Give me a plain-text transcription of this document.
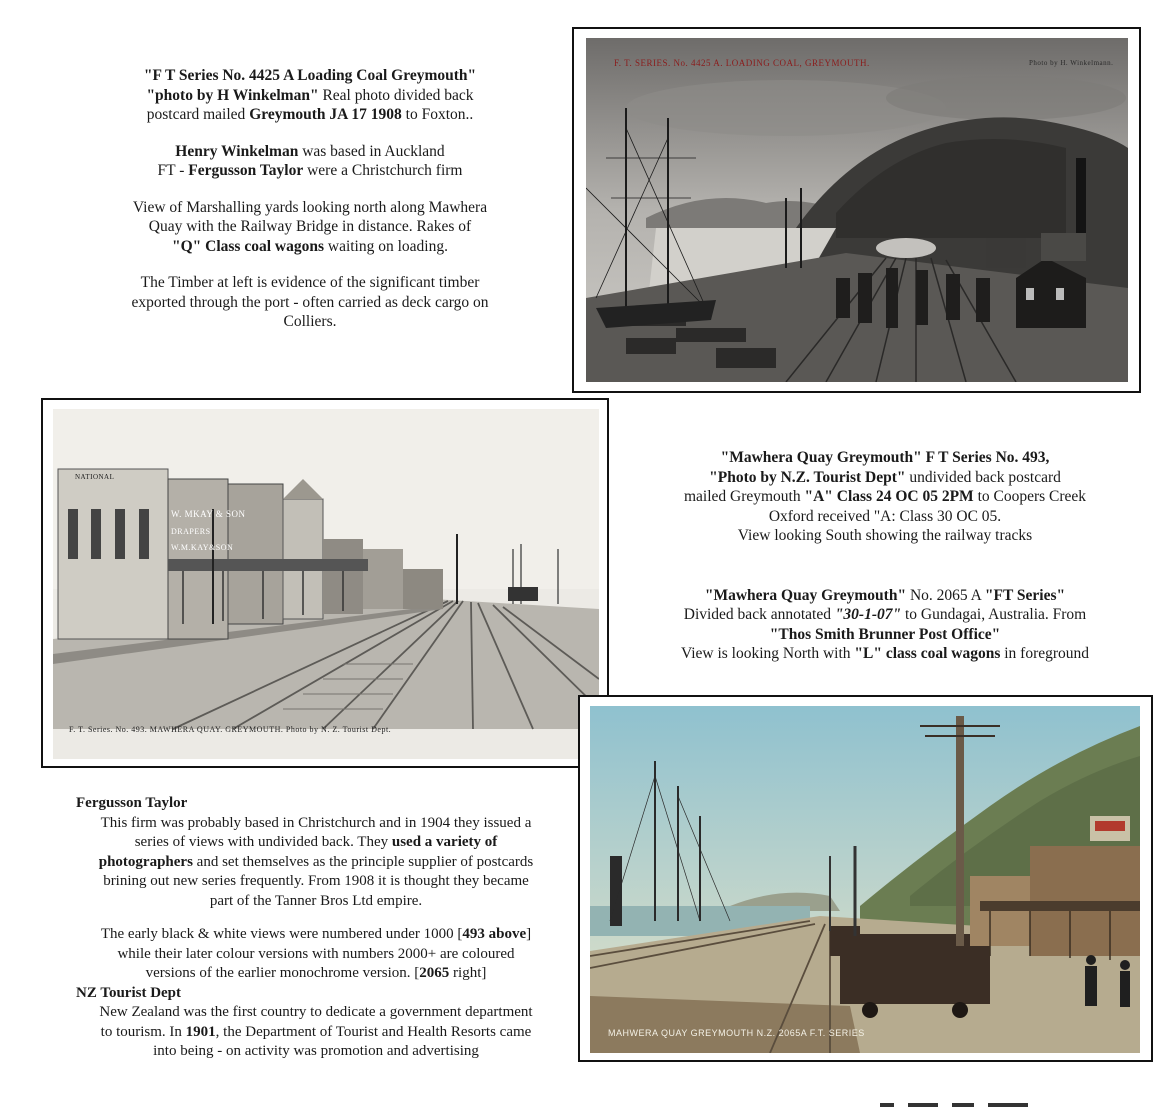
"F T Series No. 4425 A Loading Coal Greymouth"

"photo by H Winkelman" Real photo divided back

postcard mailed Greymouth JA 17 1908 to Foxton..

Henry Winkelman was based in Auckland

FT - Fergusson Taylor were a Christchurch firm

View of Marshalling yards looking north along Mawhera

Quay with the Railway Bridge in distance. Rakes of

"Q" Class coal wagons waiting on loading.

The Timber at left is evidence of the significant timber

exported through the port - often carried as deck cargo on

Colliers.

F. T. SERIES. No. 4425 A. LOADING COAL, GREYMOUTH.	Photo by H. Winkelmann.
NATIONAL
W. MKAY & SON
DRAPERS
W.M.KAY&SON
F. T. Series. No. 493. MAWHERA QUAY. GREYMOUTH. Photo by N. Z. Tourist Dept.

"Mawhera Quay Greymouth" F T Series No. 493,

"Photo by N.Z. Tourist Dept" undivided back postcard

mailed Greymouth "A" Class 24 OC 05 2PM to Coopers Creek

Oxford received "A: Class 30 OC 05.

View looking South showing the railway tracks

"Mawhera Quay Greymouth" No. 2065 A "FT Series"

Divided back annotated "30-1-07" to Gundagai, Australia. From

"Thos Smith Brunner Post Office"

View is looking North with "L" class coal wagons in foreground

MAHWERA QUAY GREYMOUTH N.Z. 2065A F.T. SERIES

Fergusson Taylor

This firm was probably based in Christchurch and in 1904 they issued a

series of views with undivided back. They used a variety of

photographers and set themselves as the principle supplier of postcards

brining out new series frequently. From 1908 it is thought they became

part of the Tanner Bros Ltd empire.

The early black & white views were numbered under 1000 [493 above]

while their later colour versions with numbers 2000+ are coloured

versions of the earlier monochrome version. [2065 right]

NZ Tourist Dept

New Zealand was the first country to dedicate a government department

to tourism. In 1901, the Department of Tourist and Health Resorts came

into being - on activity was promotion and advertising
